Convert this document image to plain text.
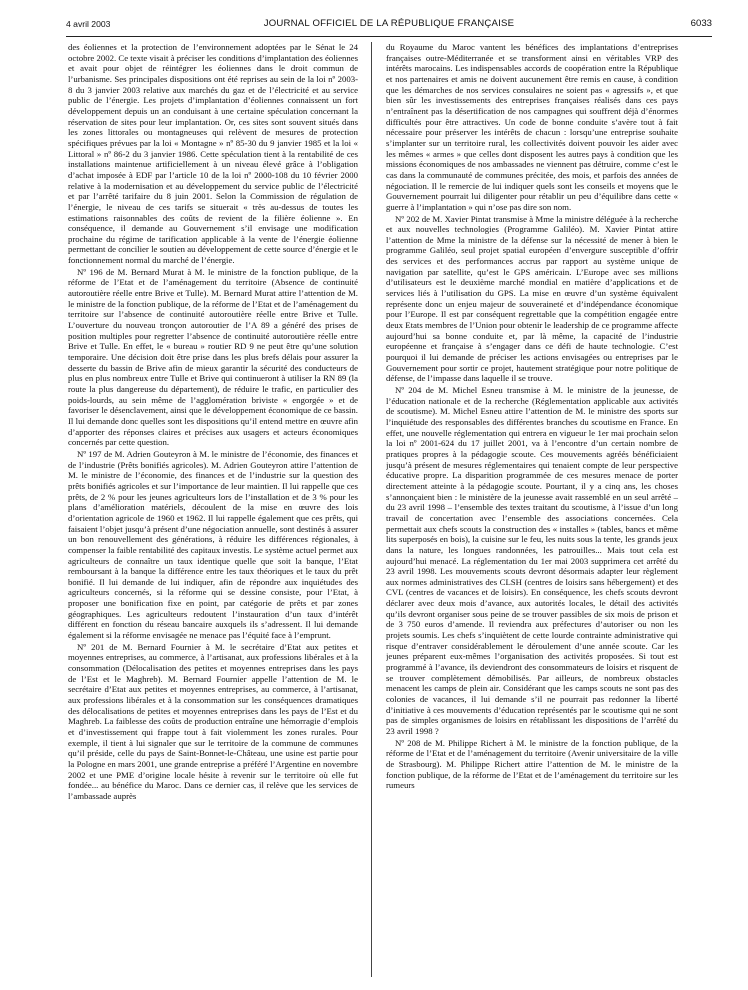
4 avril 2003	JOURNAL OFFICIEL DE LA RÉPUBLIQUE FRANÇAISE	6033

des éoliennes et la protection de l’environnement adoptées par le Sénat le 24 octobre 2002. Ce texte visait à préciser les conditions d’implantation des éoliennes et avait pour objet de réintégrer les éoliennes dans le droit commun de l’urbanisme. Ses principales dispositions ont été reprises au sein de la loi nº 2003-8 du 3 janvier 2003 relative aux marchés du gaz et de l’électricité et au service public de l’énergie. Les projets d’implantation d’éoliennes connaissent un fort développement depuis un an conduisant à une certaine spéculation concernant la réservation de sites pour leur implantation. Or, ces sites sont souvent situés dans les zones littorales ou montagneuses qui relèvent de mesures de protection spécifiques prévues par la loi « Montagne » nº 85-30 du 9 janvier 1985 et la loi « Littoral » nº 86-2 du 3 janvier 1986. Cette spéculation tient à la rentabilité de ces installations maintenue artificiellement à un niveau élevé grâce à l’obligation d’achat imposée à EDF par l’article 10 de la loi nº 2000-108 du 10 février 2000 relative à la modernisation et au développement du service public de l’électricité et par l’arrêté tarifaire du 8 juin 2001. Selon la Commission de régulation de l’énergie, le niveau de ces tarifs se situerait « très au-dessus de toutes les estimations raisonnables des coûts de revient de la filière éolienne ». En conséquence, il demande au Gouvernement s’il envisage une modification prochaine du régime de tarification applicable à la vente de l’énergie éolienne permettant de concilier le soutien au développement de cette source d’énergie et le fonctionnement normal du marché de l’énergie.

Nº 196 de M. Bernard Murat à M. le ministre de la fonction publique, de la réforme de l’Etat et de l’aménagement du territoire (Absence de continuité autoroutière réelle entre Brive et Tulle). M. Bernard Murat attire l’attention de M. le ministre de la fonction publique, de la réforme de l’Etat et de l’aménagement du territoire sur l’absence de continuité autoroutière réelle entre Brive et Tulle. L’ouverture du nouveau tronçon autoroutier de l’A 89 a généré des prises de position multiples pour regretter l’absence de continuité autoroutière réelle entre Brive et Tulle. En effet, le « bureau » routier RD 9 ne peut être qu’une solution temporaire. Une décision doit être prise dans les plus brefs délais pour assurer la desserte du bassin de Brive afin de mieux garantir la sécurité des conducteurs de plus en plus nombreux entre Tulle et Brive qui continueront à utiliser la RN 89 (la route la plus dangereuse du département), de réduire le trafic, en particulier des poids-lourds, au sein même de l’agglomération briviste « engorgée » et de favoriser le désenclavement, ainsi que le développement économique de ce bassin. Il lui demande donc quelles sont les dispositions qu’il entend mettre en œuvre afin d’apporter des réponses claires et précises aux usagers et acteurs économiques concernés par cette question.

Nº 197 de M. Adrien Gouteyron à M. le ministre de l’économie, des finances et de l’industrie (Prêts bonifiés agricoles). M. Adrien Gouteyron attire l’attention de M. le ministre de l’économie, des finances et de l’industrie sur la question des prêts bonifiés agricoles et sur l’importance de leur maintien. Il lui rappelle que ces prêts, de 2 % pour les jeunes agriculteurs lors de l’installation et de 3 % pour les plans d’amélioration matériels, découlent de la mise en œuvre des lois d’orientation agricole de 1960 et 1962. Il lui rappelle également que ces prêts, qui faisaient l’objet jusqu’à présent d’une négociation annuelle, sont destinés à assurer un bon renouvellement des générations, à réduire les différences régionales, à compenser la faible rentabilité des capitaux investis. Le système actuel permet aux agriculteurs de connaître un taux identique quelle que soit la banque, l’Etat remboursant à la banque la différence entre les taux théoriques et le taux du prêt bonifié. Il lui demande de lui indiquer, afin de répondre aux inquiétudes des agriculteurs concernés, si la réforme qui se dessine consiste, pour l’Etat, à proposer une bonification fixe en point, par catégorie de prêts et par zones géographiques. Les agriculteurs redoutent l’instauration d’un taux d’intérêt différent en fonction du réseau bancaire auxquels ils s’adressent. Il lui demande également si la réforme envisagée ne menace pas l’équité face à l’emprunt.

Nº 201 de M. Bernard Fournier à M. le secrétaire d’Etat aux petites et moyennes entreprises, au commerce, à l’artisanat, aux professions libérales et à la consommation (Délocalisation des petites et moyennes entreprises dans les pays de l’Est et le Maghreb). M. Bernard Fournier appelle l’attention de M. le secrétaire d’Etat aux petites et moyennes entreprises, au commerce, à l’artisanat, aux professions libérales et à la consommation sur les conséquences dramatiques des délocalisations de petites et moyennes entreprises dans les pays de l’Est et du Maghreb. La faiblesse des coûts de production entraîne une hémorragie d’emplois et d’investissement qui frappe tout à fait violemment les zones rurales. Pour exemple, il tient à lui signaler que sur le territoire de la commune de communes qu’il préside, celle du pays de Saint-Bonnet-le-Château, une usine est partie pour la Pologne en mars 2001, une grande entreprise a préféré l’Argentine en novembre 2002 et une PME d’origine locale hésite à revenir sur le territoire où elle fut fondée... au bénéfice du Maroc. Dans ce dernier cas, il relève que les services de l’ambassade auprès

du Royaume du Maroc vantent les bénéfices des implantations d’entreprises françaises outre-Méditerranée et se transforment ainsi en véritables VRP des intérêts marocains. Les indispensables accords de coopération entre la République et nos partenaires et amis ne doivent aucunement être remis en cause, à condition que les démarches de nos services consulaires ne soient pas « agressifs », et que bien sûr les investissements des entreprises françaises réalisés dans ces pays n’entraînent pas la désertification de nos campagnes qui souffrent déjà d’énormes difficultés pour être attractives. Un code de bonne conduite s’avère tout à fait nécessaire pour préserver les intérêts de chacun : lorsqu’une entreprise souhaite s’implanter sur un territoire rural, les collectivités doivent pouvoir les aider avec les mêmes « armes » que celles dont disposent les autres pays à condition que les missions économiques de nos ambassades ne viennent pas détruire, comme c’est le cas dans la communauté de communes précitée, des mois, et parfois des années de négociation. Il le remercie de lui indiquer quels sont les conseils et moyens que le Gouvernement pourrait lui diligenter pour rétablir un peu d’équilibre dans cette « guerre à l’implantation » qui n’ose pas dire son nom.

Nº 202 de M. Xavier Pintat transmise à Mme la ministre déléguée à la recherche et aux nouvelles technologies (Programme Galiléo). M. Xavier Pintat attire l’attention de Mme la ministre de la défense sur la nécessité de mener à bien le programme Galiléo, seul projet spatial européen d’envergure susceptible d’offrir des services et des performances accrus par rapport au système unique de navigation par satellite, qu’est le GPS américain. L’Europe avec ses millions d’utilisateurs est le deuxième marché mondial en matière d’applications et de services liés à l’utilisation du GPS. La mise en œuvre d’un système équivalent représente donc un enjeu majeur de souveraineté et d’indépendance économique pour l’Europe. Il est par conséquent regrettable que la compétition engagée entre deux Etats membres de l’Union pour obtenir le leadership de ce programme affecte aujourd’hui sa bonne conduite et, par là même, la capacité de l’industrie européenne et française à s’engager dans ce défi de haute technologie. C’est pourquoi il lui demande de préciser les actions envisagées ou entreprises par le Gouvernement pour sortir ce projet, hautement stratégique pour notre politique de défense, de l’impasse dans laquelle il se trouve.

Nº 204 de M. Michel Esneu transmise à M. le ministre de la jeunesse, de l’éducation nationale et de la recherche (Réglementation applicable aux activités de scoutisme). M. Michel Esneu attire l’attention de M. le ministre des sports sur l’inquiétude des responsables des différentes branches du scoutisme en France. En effet, une nouvelle réglementation qui entrera en vigueur le 1er mai prochain selon la loi nº 2001-624 du 17 juillet 2001, va à l’encontre d’un certain nombre de pratiques propres à la pédagogie scoute. Ces mouvements agréés bénéficiaient jusqu’à présent de mesures réglementaires qui tenaient compte de leur perspective éducative propre. La disparition programmée de ces mesures menace de porter directement atteinte à la pédagogie scoute. Pourtant, il y a cinq ans, les choses s’annonçaient bien : le ministère de la jeunesse avait rassemblé en un seul arrêté – du 23 avril 1998 – l’ensemble des textes traitant du scoutisme, à l’issue d’un long travail de concertation avec l’ensemble des associations concernées. Cela permettait aux chefs scouts la construction des « installes » (tables, bancs et même lits superposés en bois), la cuisine sur le feu, les nuits sous la tente, les grands jeux dans la nature, les longues randonnées, les patrouilles... Mais tout cela est aujourd’hui menacé. La réglementation du 1er mai 2003 supprimera cet arrêté du 23 avril 1998. Les mouvements scouts devront désormais adapter leur règlement aux normes administratives des CLSH (centres de loisirs sans hébergement) et des CVL (centres de vacances et de loisirs). En conséquence, les chefs scouts devront déclarer avec deux mois d’avance, aux autorités locales, le détail des activités qu’ils devront organiser sous peine de se trouver passibles de six mois de prison et de 3 750 euros d’amende. Il reviendra aux préfectures d’autoriser ou non les projets soumis. Les chefs s’inquiètent de cette lourde contrainte administrative qui risque d’entraver considérablement le déroulement d’une année scoute. Car les jeunes préparent eux-mêmes l’organisation des activités proposées. Si tout est programmé à l’avance, ils deviendront des consommateurs de loisirs et risquent de se trouver complètement démobilisés. Par ailleurs, de nombreux obstacles menacent les camps de plein air. Considérant que les camps scouts ne sont pas des colonies de vacances, il lui demande s’il ne pourrait pas redonner la liberté d’initiative à ces mouvements d’éducation représentés par le scoutisme qui ne sont pas de simples organismes de loisirs en rétablissant les dispositions de l’arrêté du 23 avril 1998 ?

Nº 208 de M. Philippe Richert à M. le ministre de la fonction publique, de la réforme de l’Etat et de l’aménagement du territoire (Avenir universitaire de la ville de Strasbourg). M. Philippe Richert attire l’attention de M. le ministre de la fonction publique, de la réforme de l’Etat et de l’aménagement du territoire sur les rumeurs
